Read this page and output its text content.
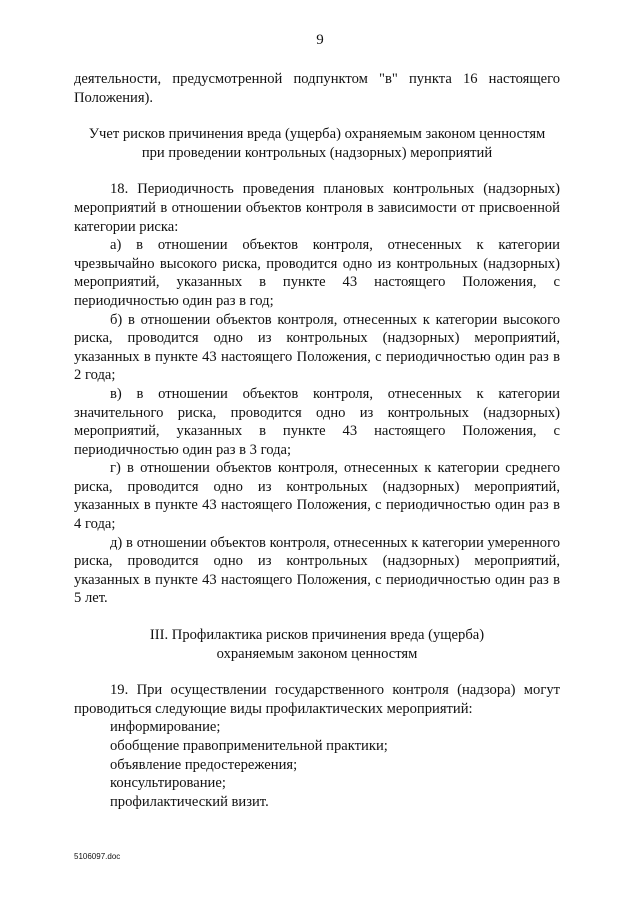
9

деятельности, предусмотренной подпунктом "в" пункта 16 настоящего Положения).

Учет рисков причинения вреда (ущерба) охраняемым законом ценностям
при проведении контрольных (надзорных) мероприятий

18. Периодичность проведения плановых контрольных (надзорных) мероприятий в отношении объектов контроля в зависимости от присвоенной категории риска:

а) в отношении объектов контроля, отнесенных к категории чрезвычайно высокого риска, проводится одно из контрольных (надзорных) мероприятий, указанных в пункте 43 настоящего Положения, с периодичностью один раз в год;

б) в отношении объектов контроля, отнесенных к категории высокого риска, проводится одно из контрольных (надзорных) мероприятий, указанных в пункте 43 настоящего Положения, с периодичностью один раз в 2 года;

в) в отношении объектов контроля, отнесенных к категории значительного риска, проводится одно из контрольных (надзорных) мероприятий, указанных в пункте 43 настоящего Положения, с периодичностью один раз в 3 года;

г) в отношении объектов контроля, отнесенных к категории среднего риска, проводится одно из контрольных (надзорных) мероприятий, указанных в пункте 43 настоящего Положения, с периодичностью один раз в 4 года;

д) в отношении объектов контроля, отнесенных к категории умеренного риска, проводится одно из контрольных (надзорных) мероприятий, указанных в пункте 43 настоящего Положения, с периодичностью один раз в 5 лет.

III. Профилактика рисков причинения вреда (ущерба)
охраняемым законом ценностям

19. При осуществлении государственного контроля (надзора) могут проводиться следующие виды профилактических мероприятий:

информирование;

обобщение правоприменительной практики;

объявление предостережения;

консультирование;

профилактический визит.

5106097.doc
